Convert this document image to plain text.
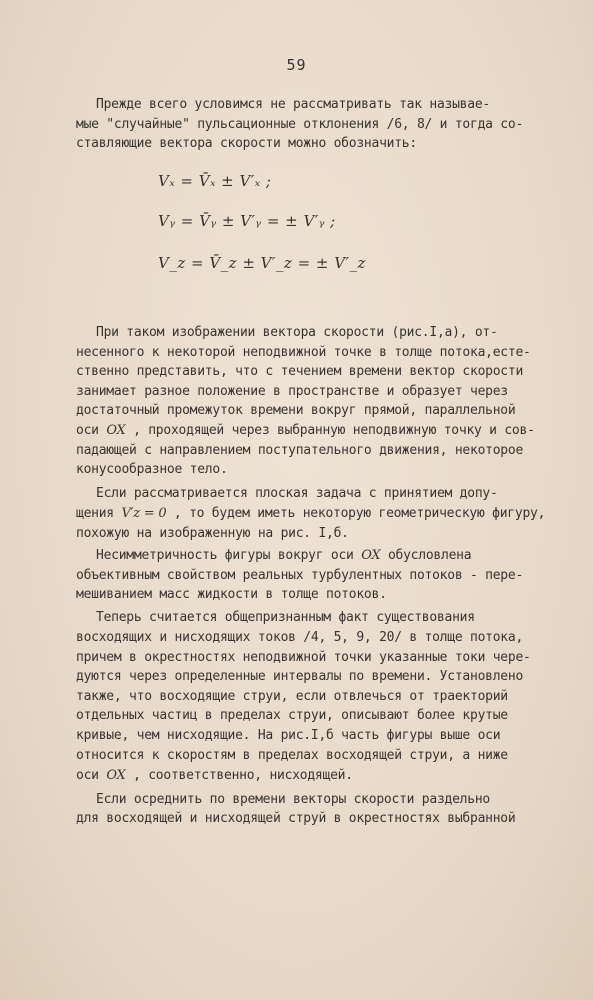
59
Прежде всего условимся не рассматривать так называе-
мые "случайные" пульсационные отклонения /6, 8/ и тогда со-
ставляющие вектора скорости можно обозначить:
Vₓ = V̄ₓ ± V′ₓ ;
Vᵧ = V̄ᵧ ± V′ᵧ = ± V′ᵧ ;
V_z = V̄_z ± V′_z = ± V′_z
При таком изображении вектора скорости (рис.I,а), от-
несенного к некоторой неподвижной точке в толще потока,есте-
ственно представить, что с течением времени вектор скорости
занимает разное положение в пространстве и образует через
достаточный промежуток времени вокруг прямой, параллельной
оси OX , проходящей через выбранную неподвижную точку и сов-
падающей с направлением поступательного движения, некоторое
конусообразное тело.
Если рассматривается плоская задача с принятием допу-
щения V′z = 0 , то будем иметь некоторую геометрическую фигуру,
похожую на изображенную на рис. I,б.
Несимметричность фигуры вокруг оси OX обусловлена
объективным свойством реальных турбулентных потоков - пере-
мешиванием масс жидкости в толще потоков.
Теперь считается общепризнанным факт существования
восходящих и нисходящих токов /4, 5, 9, 20/ в толще потока,
причем в окрестностях неподвижной точки указанные токи чере-
дуются через определенные интервалы по времени. Установлено
также, что восходящие струи, если отвлечься от траекторий
отдельных частиц в пределах струи, описывают более крутые
кривые, чем нисходящие. На рис.I,б часть фигуры выше оси
относится к скоростям в пределах восходящей струи, а ниже
оси OX , соответственно, нисходящей.
Если осреднить по времени векторы скорости раздельно
для восходящей и нисходящей струй в окрестностях выбранной
